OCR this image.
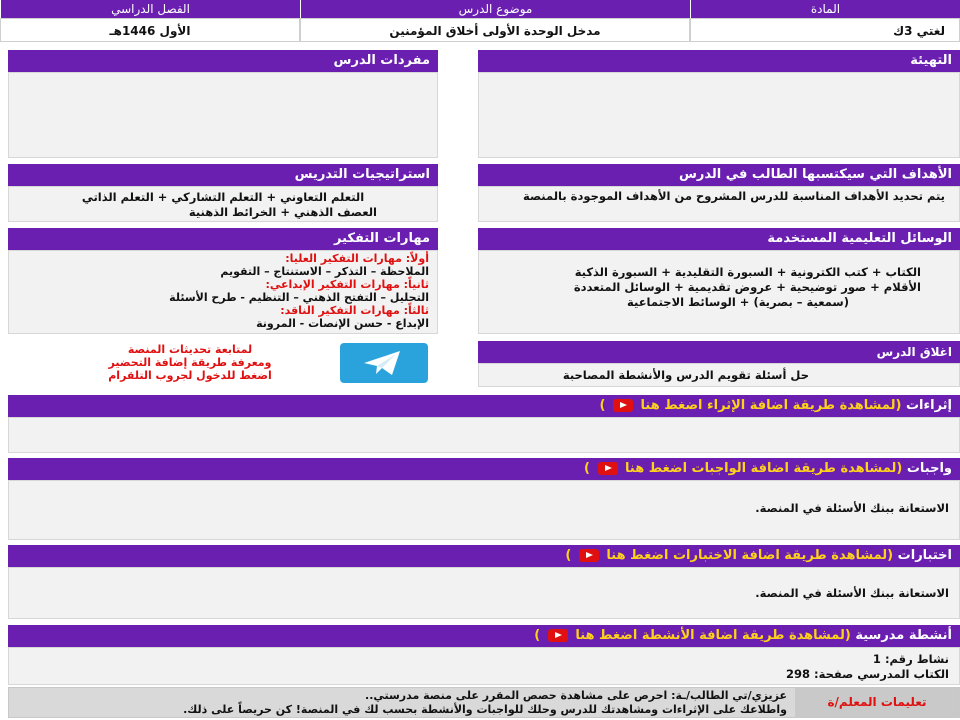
المادة
لغتي 3ك
موضوع الدرس
مدخل الوحدة الأولى أخلاق المؤمنين
الفصل الدراسي
الأول 1446هـ
التهيئة
مفردات الدرس
الأهداف التي سيكتسبها الطالب في الدرس
يتم تحديد الأهداف المناسبة للدرس المشروح من الأهداف الموجودة بالمنصة
استراتيجيات التدريس
التعلم التعاوني + التعلم التشاركي + التعلم الذاتي
العصف الذهني + الخرائط الذهنية
الوسائل التعليمية المستخدمة
الكتاب + كتب الكترونية + السبورة التقليدية + السبورة الذكية
الأقلام + صور توضيحية + عروض تقديمية + الوسائل المتعددة
(سمعية – بصرية) + الوسائط الاجتماعية
مهارات التفكير
أولاً: مهارات التفكير العليا:
الملاحظة – التذكر – الاستنتاج – التقويم
ثانياً: مهارات التفكير الإبداعي:
التحليل – التفتح الذهني – التنظيم - طرح الأسئلة
ثالثاً: مهارات التفكير الناقد:
الإبداع - حسن الإنصات - المرونة
لمتابعة تحديثات المنصة
ومعرفة طريقة إضافة التحضير
اضغط للدخول لجروب التلقرام
اغلاق الدرس
حل أسئلة تقويم الدرس والأنشطة المصاحبة
إثراءات (لمشاهدة طريقة اضافة الإثراء اضغط هنا  )
واجبات (لمشاهدة طريقة اضافة الواجبات اضغط هنا  )
الاستعانة ببنك الأسئلة في المنصة.
اختبارات (لمشاهدة طريقة اضافة الاختبارات اضغط هنا  )
الاستعانة ببنك الأسئلة في المنصة.
أنشطة مدرسية (لمشاهدة طريقة اضافة الأنشطة اضغط هنا  )
نشاط رقم: 1
الكتاب المدرسي صفحة: 298
تعليمات المعلم/ة
عزيزي/تي الطالب/ـة: احرص على مشاهدة حصص المقرر على منصة مدرستي..
واطلاعك على الإثراءات ومشاهدتك للدرس وحلك للواجبات والأنشطة بحسب لك في المنصة! كن حريصاً على ذلك.
